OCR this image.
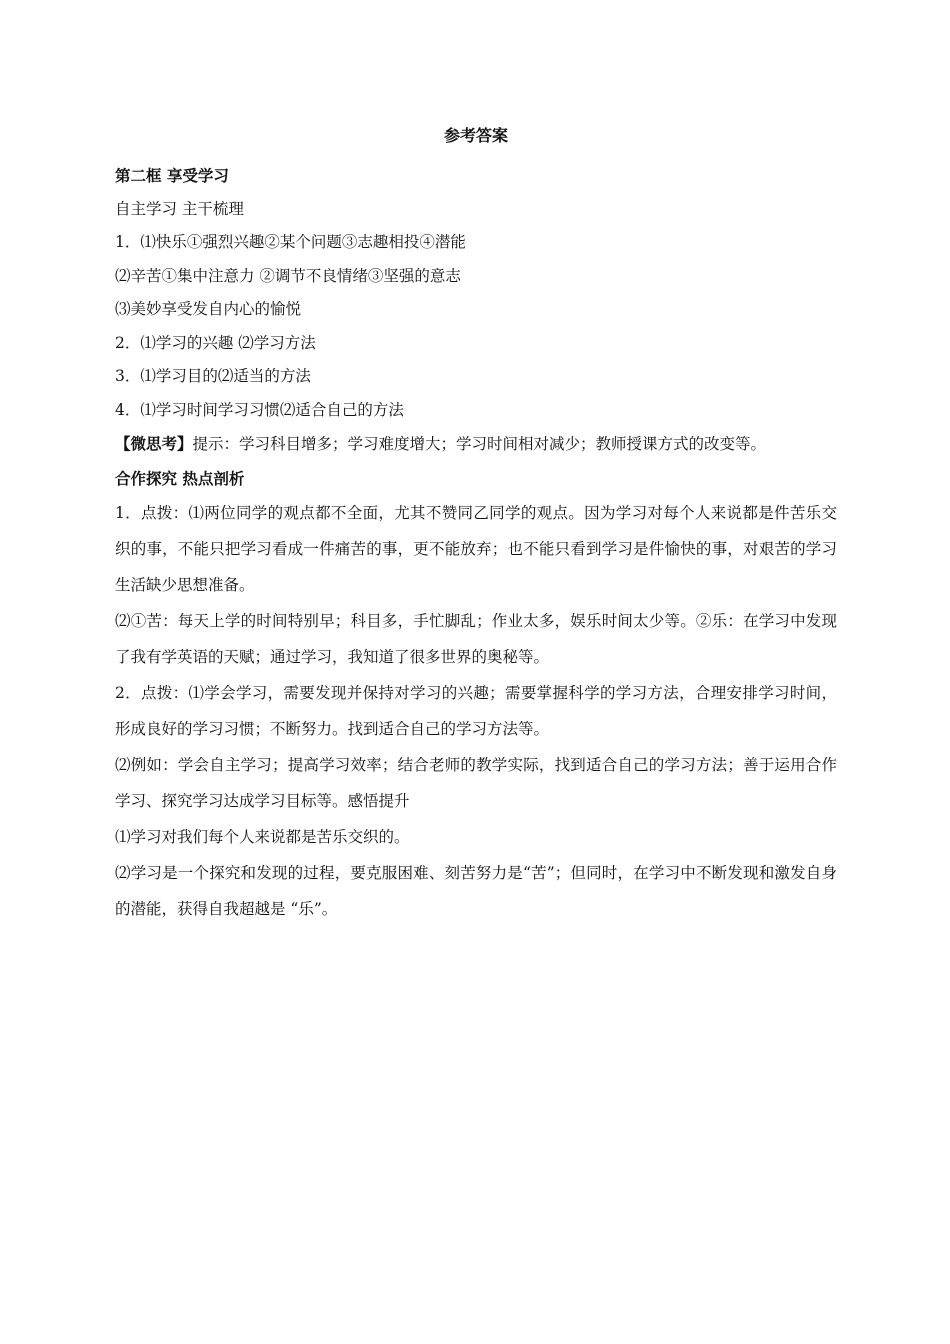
参考答案

第二框 享受学习

自主学习 主干梳理

1．⑴快乐①强烈兴趣②某个问题③志趣相投④潜能

⑵辛苦①集中注意力 ②调节不良情绪③坚强的意志

⑶美妙享受发自内心的愉悦

2．⑴学习的兴趣 ⑵学习方法

3．⑴学习目的⑵适当的方法

4．⑴学习时间学习习惯⑵适合自己的方法

【微思考】提示：学习科目增多；学习难度增大；学习时间相对减少；教师授课方式的改变等。

合作探究 热点剖析

1．点拨：⑴两位同学的观点都不全面，尤其不赞同乙同学的观点。因为学习对每个人来说都是件苦乐交织的事，不能只把学习看成一件痛苦的事，更不能放弃；也不能只看到学习是件愉快的事，对艰苦的学习生活缺少思想准备。

⑵①苦：每天上学的时间特别早；科目多，手忙脚乱；作业太多，娱乐时间太少等。②乐：在学习中发现了我有学英语的天赋；通过学习，我知道了很多世界的奥秘等。

2．点拨：⑴学会学习，需要发现并保持对学习的兴趣；需要掌握科学的学习方法，合理安排学习时间，形成良好的学习习惯；不断努力。找到适合自己的学习方法等。

⑵例如：学会自主学习；提高学习效率；结合老师的教学实际，找到适合自己的学习方法；善于运用合作学习、探究学习达成学习目标等。感悟提升

⑴学习对我们每个人来说都是苦乐交织的。

⑵学习是一个探究和发现的过程，要克服困难、刻苦努力是“苦”；但同时，在学习中不断发现和激发自身的潜能，获得自我超越是 “乐”。
